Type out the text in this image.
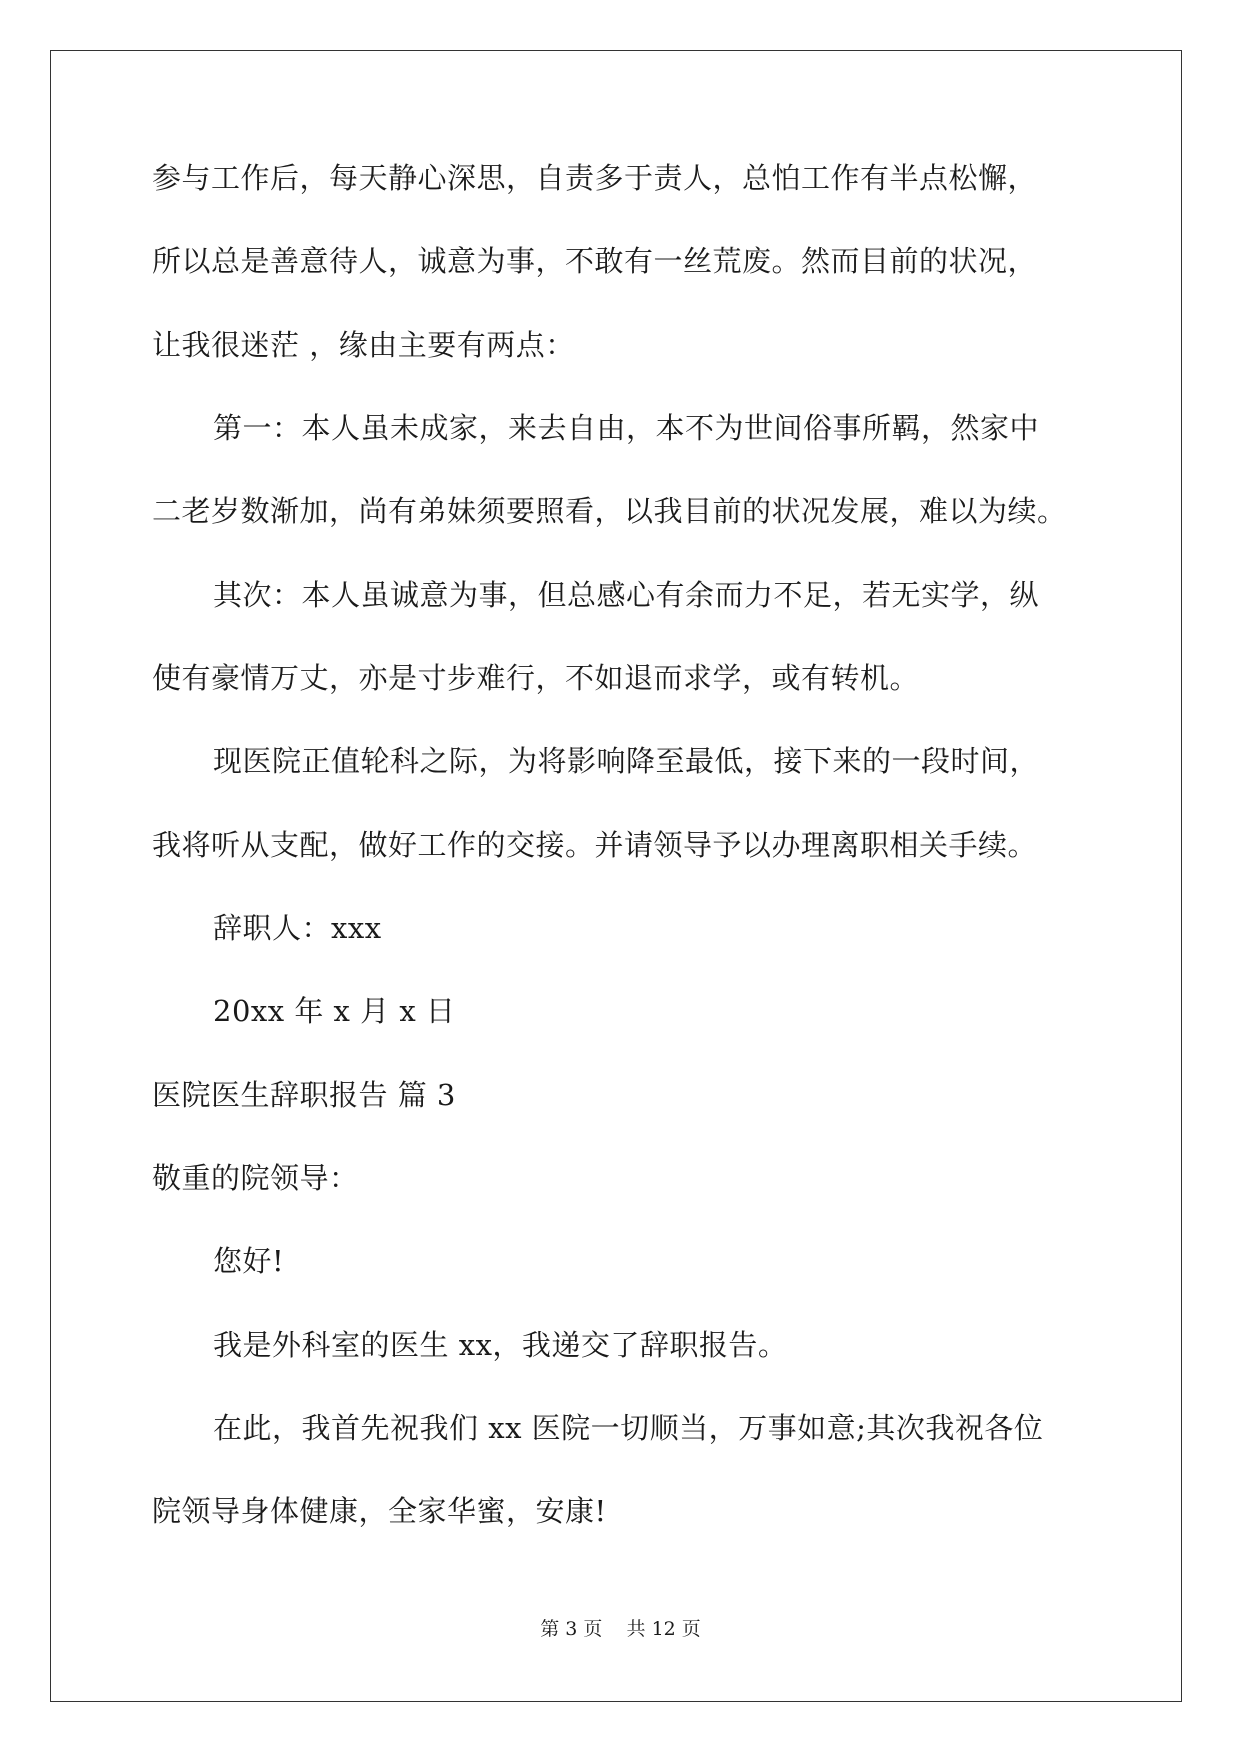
参与工作后，每天静心深思，自责多于责人，总怕工作有半点松懈，

所以总是善意待人，诚意为事，不敢有一丝荒废。然而目前的状况，

让我很迷茫 ，缘由主要有两点：

第一：本人虽未成家，来去自由，本不为世间俗事所羁，然家中

二老岁数渐加，尚有弟妹须要照看，以我目前的状况发展，难以为续。

其次：本人虽诚意为事，但总感心有余而力不足，若无实学，纵

使有豪情万丈，亦是寸步难行，不如退而求学，或有转机。

现医院正值轮科之际，为将影响降至最低，接下来的一段时间，

我将听从支配，做好工作的交接。并请领导予以办理离职相关手续。

辞职人：xxx

20xx 年 x 月 x 日

医院医生辞职报告 篇 3

敬重的院领导：

您好!

我是外科室的医生 xx，我递交了辞职报告。

在此，我首先祝我们 xx 医院一切顺当，万事如意;其次我祝各位

院领导身体健康，全家华蜜，安康!

第 3 页    共 12 页
